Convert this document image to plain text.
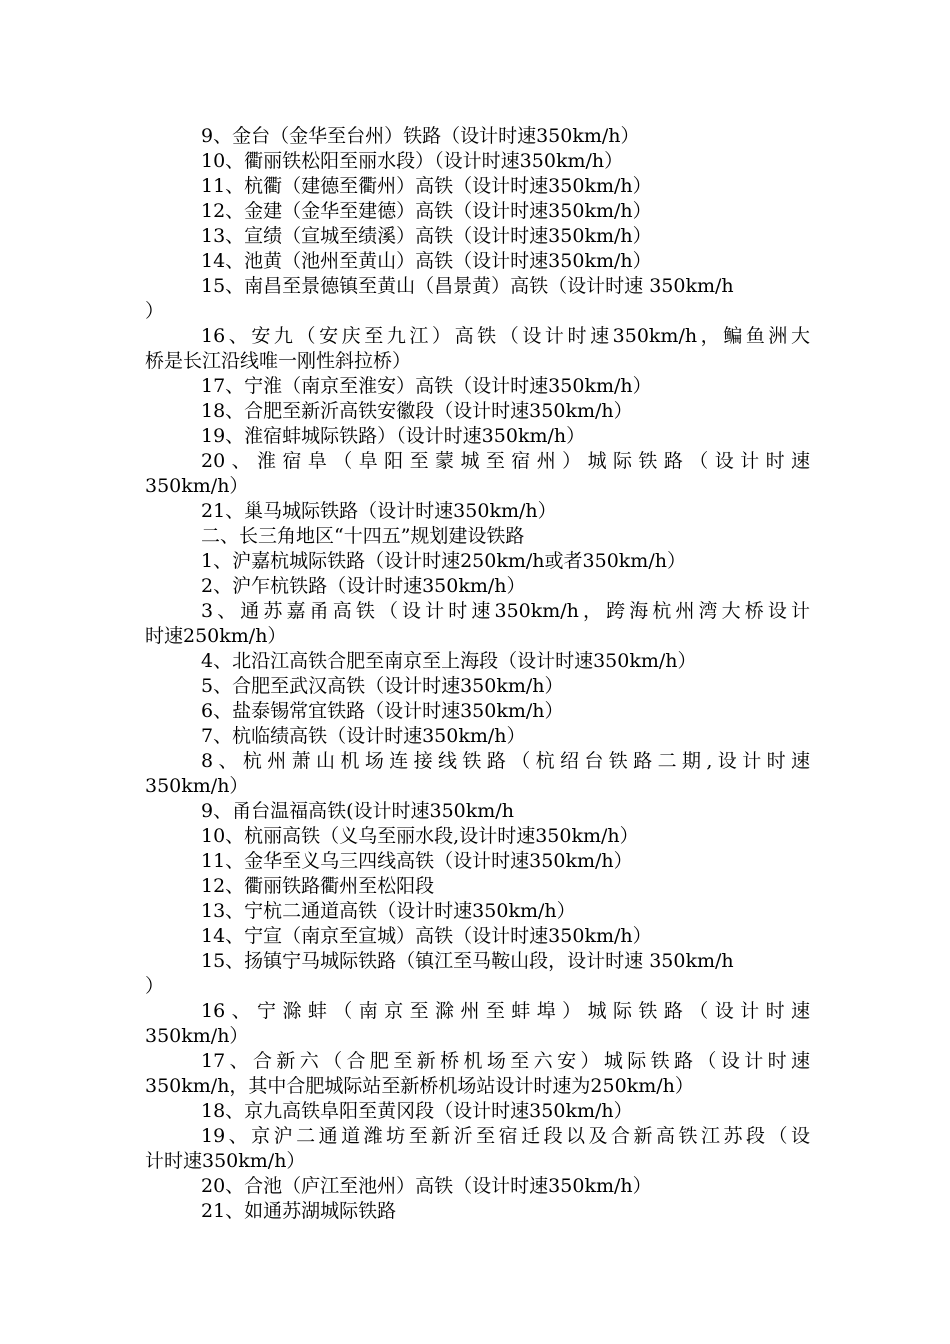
9、金台（金华至台州）铁路（设计时速350km/h）
10、衢丽铁松阳至丽水段）（设计时速350km/h）
11、杭衢（建德至衢州）高铁（设计时速350km/h）
12、金建（金华至建德）高铁（设计时速350km/h）
13、宣绩（宣城至绩溪）高铁（设计时速350km/h）
14、池黄（池州至黄山）高铁（设计时速350km/h）
15、南昌至景德镇至黄山（昌景黄）高铁（设计时速 350km/h
）
16、安九（安庆至九江）高铁（设计时速350km/h，鳊鱼洲大
桥是长江沿线唯一刚性斜拉桥）
17、宁淮（南京至淮安）高铁（设计时速350km/h）
18、合肥至新沂高铁安徽段（设计时速350km/h）
19、淮宿蚌城际铁路）（设计时速350km/h）
20、淮宿阜（阜阳至蒙城至宿州）城际铁路（设计时速
350km/h）
21、巢马城际铁路（设计时速350km/h）
二、长三角地区“十四五”规划建设铁路
1、沪嘉杭城际铁路（设计时速250km/h或者350km/h）
2、沪乍杭铁路（设计时速350km/h）
3、通苏嘉甬高铁（设计时速350km/h，跨海杭州湾大桥设计
时速250km/h）
4、北沿江高铁合肥至南京至上海段（设计时速350km/h）
5、合肥至武汉高铁（设计时速350km/h）
6、盐泰锡常宜铁路（设计时速350km/h）
7、杭临绩高铁（设计时速350km/h）
8、杭州萧山机场连接线铁路（杭绍台铁路二期,设计时速
350km/h）
9、甬台温福高铁(设计时速350km/h
10、杭丽高铁（义乌至丽水段,设计时速350km/h）
11、金华至义乌三四线高铁（设计时速350km/h）
12、衢丽铁路衢州至松阳段
13、宁杭二通道高铁（设计时速350km/h）
14、宁宣（南京至宣城）高铁（设计时速350km/h）
15、扬镇宁马城际铁路（镇江至马鞍山段，设计时速 350km/h
）
16、宁滁蚌（南京至滁州至蚌埠）城际铁路（设计时速
350km/h）
17、合新六（合肥至新桥机场至六安）城际铁路（设计时速
350km/h，其中合肥城际站至新桥机场站设计时速为250km/h）
18、京九高铁阜阳至黄冈段（设计时速350km/h）
19、京沪二通道潍坊至新沂至宿迁段以及合新高铁江苏段（设
计时速350km/h）
20、合池（庐江至池州）高铁（设计时速350km/h）
21、如通苏湖城际铁路
